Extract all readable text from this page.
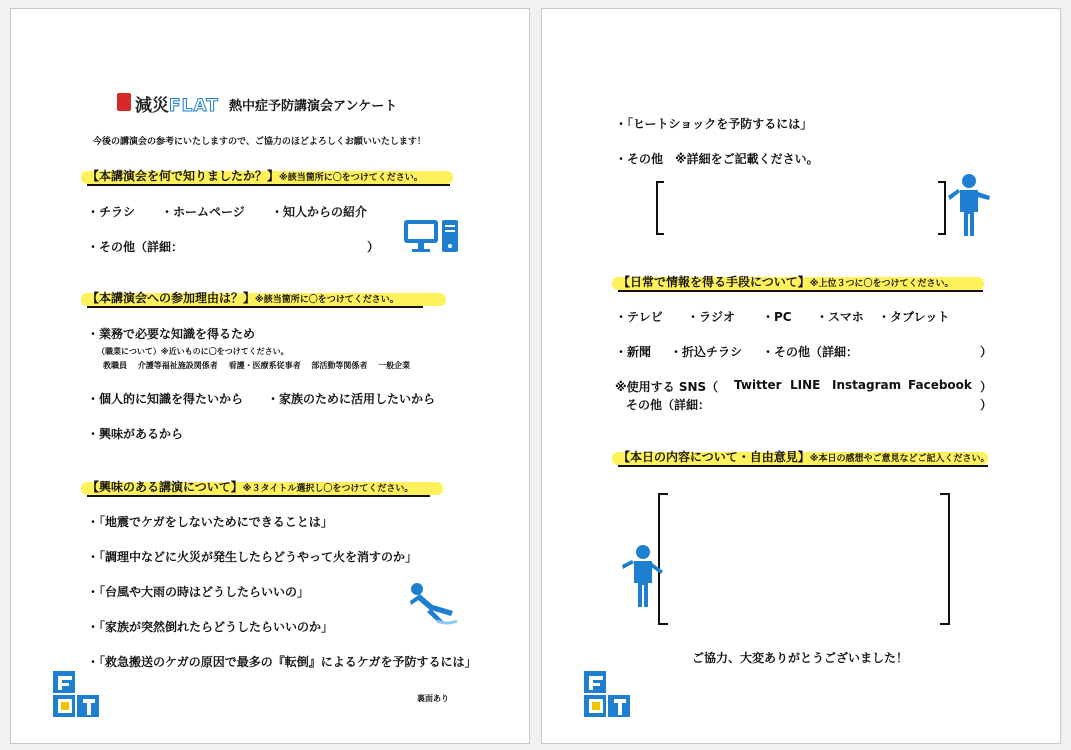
減災FLAT 熱中症予防講演会アンケート
今後の講演会の参考にいたしますので、ご協力のほどよろしくお願いいたします！
【本講演会を何で知りましたか？】※該当箇所に〇をつけてください。
・チラシ ・ホームページ ・知人からの紹介
・その他（詳細：	）
【本講演会への参加理由は？】※該当箇所に〇をつけてください。
・業務で必要な知識を得るため
（職業について）※近いものに〇をつけてください。
教職員　 介護等福祉施設関係者　 看護・医療系従事者　 部活動等関係者　 一般企業
・個人的に知識を得たいから ・家族のために活用したいから
・興味があるから
【興味のある講演について】※３タイトル選択し〇をつけてください。
・「地震でケガをしないためにできることは」
・「調理中などに火災が発生したらどうやって火を消すのか」
・「台風や大雨の時はどうしたらいいの」
・「家族が突然倒れたらどうしたらいいのか」
・「救急搬送のケガの原因で最多の『転倒』によるケガを予防するには」
裏面あり
・「ヒートショックを予防するには」
・その他　※詳細をご記載ください。
【日常で情報を得る手段について】※上位３つに〇をつけてください。
・テレビ ・ラジオ ・PC ・スマホ ・タブレット
・新聞 ・折込チラシ ・その他（詳細：	）
※使用する SNS（ Twitter LINE Instagram Facebook ）
その他（詳細：	）
【本日の内容について・自由意見】※本日の感想やご意見などご記入ください。
ご協力、大変ありがとうございました！
